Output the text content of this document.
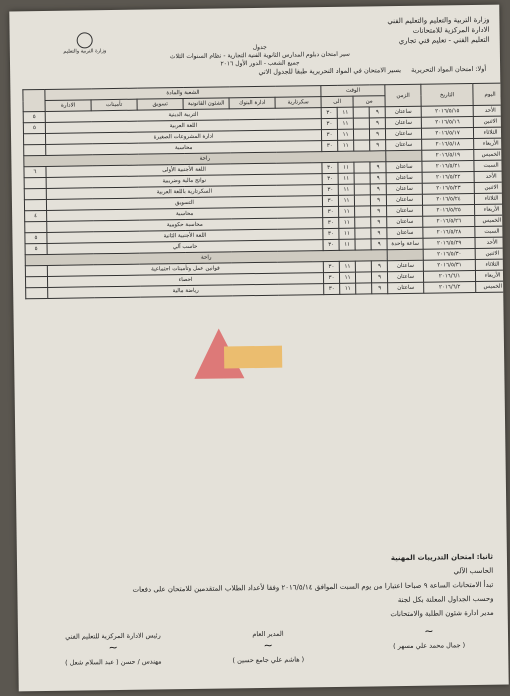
وزارة التربية والتعليم والتعليم الفني
الادارة المركزية للامتحانات
التعليم الفني - تعليم فني تجاري
وزارة التربية والتعليم
جدول
سير امتحان دبلوم المدارس الثانوية الفنية التجارية - نظام السنوات الثلاث
جميع الشعب - الدور الأول ٢٠١٦
أولا: امتحان المواد التحريرية
يسير الامتحان في المواد التحريرية طبقا للجدول الاتي
اليوم	التاريخ	الزمن	الوقت				الشعبة والمادة						
			من		الى		سكرتارية	ادارة البنوك	الشئون القانونية	تسويق	تأمينات	الادارة	
الأحد	٢٠١٦/٥/١٥	ساعتان	٩		١١	٣٠	التربية الدينية						٥
الاثنين	٢٠١٦/٥/١٦	ساعتان	٩		١١	٣٠	اللغة العربية						٥
الثلاثاء	٢٠١٦/٥/١٧	ساعتان	٩		١١	٣٠	ادارة المشروعات الصغيرة						
الأربعاء	٢٠١٦/٥/١٨	ساعتان	٩		١١	٣٠	محاسبة						
الخميس	٢٠١٦/٥/١٩		راحة										
السبت	٢٠١٦/٥/٢١	ساعتان	٩		١١	٣٠	اللغة الأجنبية الأولى						٦
الأحد	٢٠١٦/٥/٢٢	ساعتان	٩		١١	٣٠	نواتج مالية وضريبية						
الاثنين	٢٠١٦/٥/٢٣	ساعتان	٩		١١	٣٠	السكرتارية باللغة العربية						
الثلاثاء	٢٠١٦/٥/٢٤	ساعتان	٩		١١	٣٠	التسويق						
الأربعاء	٢٠١٦/٥/٢٥	ساعتان	٩		١١	٣٠	محاسبة						٤
الخميس	٢٠١٦/٥/٢٦	ساعتان	٩		١١	٣٠	محاسبة حكومية						
السبت	٢٠١٦/٥/٢٨	ساعتان	٩		١١	٣٠	اللغة الأجنبية الثانية						٥
الأحد	٢٠١٦/٥/٢٩	ساعة واحدة	٩		١١	٣٠	حاسب آلي						٥
الاثنين	٢٠١٦/٥/٣٠		راحة										
الثلاثاء	٢٠١٦/٥/٣١	ساعتان	٩		١١	٣٠	قوانين عمل وتأمينات اجتماعية						
الأربعاء	٢٠١٦/٦/١	ساعتان	٩		١١	٣٠	احصاء						
الخميس	٢٠١٦/٦/٢	ساعتان	٩		١١	٣٠	رياضة مالية						
ثانيا: امتحان التدريبات المهنية
الحاسب الآلي
تبدأ الامتحانات الساعة ٩ صباحا اعتبارا من يوم السبت الموافق ٢٠١٦/٥/١٤ وفقا لأعداد الطلاب المتقدمين للامتحان على دفعات
وحسب الجداول المعلنة بكل لجنة
مدير ادارة شئون الطلبة والامتحانات
~
( جمال محمد علي مسهر )
المدير العام
~
( هاشم علي جامع حسين )
رئيس الادارة المركزية للتعليم الفني
~
مهندس / حسن ( عبد السلام شعل )
